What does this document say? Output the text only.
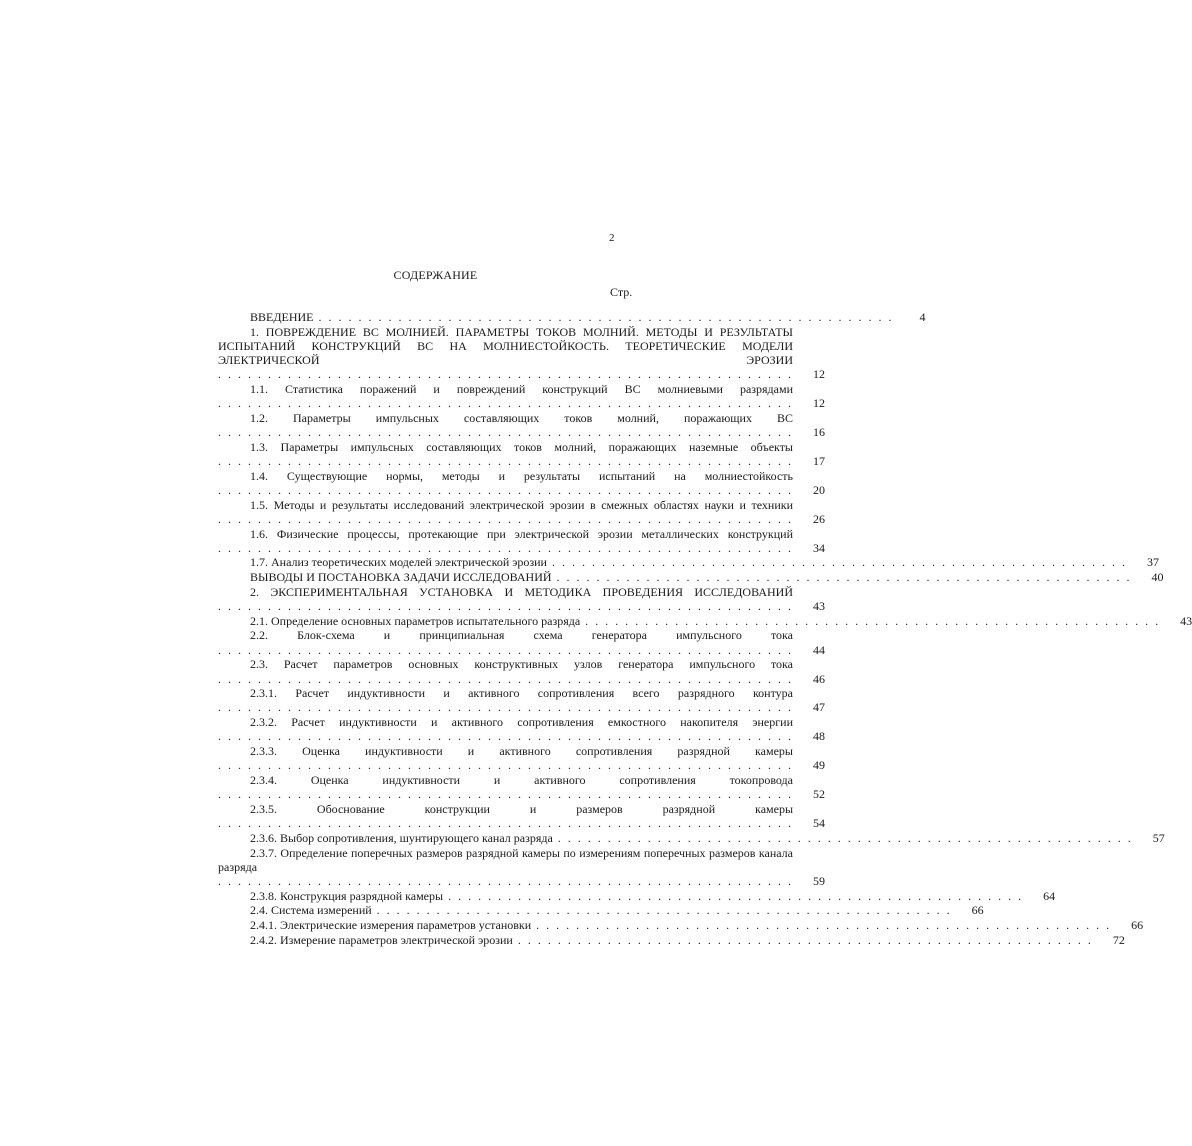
2
СОДЕРЖАНИЕ
Стр.
ВВЕДЕНИЕ . . . . . . . . . . . . . . . . . . . . . . . . . . . . . . . . . . . . . . . . . . . . . . . . . . . . . . . . . .	4
1. ПОВРЕЖДЕНИЕ ВС МОЛНИЕЙ. ПАРАМЕТРЫ ТОКОВ МОЛНИЙ. МЕТОДЫ И РЕЗУЛЬТАТЫ ИСПЫТАНИЙ КОНСТРУКЦИЙ ВС НА МОЛНИЕСТОЙКОСТЬ. ТЕОРЕТИЧЕСКИЕ МОДЕЛИ ЭЛЕКТРИЧЕСКОЙ ЭРОЗИИ . . . . . . . . . . . . . . . . . . . . . . . . . . . . . . . . . . . . . . . . . . . . . . . . . . . . . . . . . .	12
1.1. Статистика поражений и повреждений конструкций ВС молниевыми разрядами . . . . . . . . . . . . . . . . . . . . . . . . . . . . . . . . . . . . . . . . . . . . . . . . . . . . . . . . . .	12
1.2. Параметры импульсных составляющих токов молний, поражающих ВС . . . . . . . . . . . . . . . . . . . . . . . . . . . . . . . . . . . . . . . . . . . . . . . . . . . . . . . . . .	16
1.3. Параметры импульсных составляющих токов молний, поражающих наземные объекты . . . . . . . . . . . . . . . . . . . . . . . . . . . . . . . . . . . . . . . . . . . . . . . . . . . . . . . . . .	17
1.4. Существующие нормы, методы и результаты испытаний на молниестойкость . . . . . . . . . . . . . . . . . . . . . . . . . . . . . . . . . . . . . . . . . . . . . . . . . . . . . . . . . .	20
1.5. Методы и результаты исследований электрической эрозии в смежных областях науки и техники . . . . . . . . . . . . . . . . . . . . . . . . . . . . . . . . . . . . . . . . . . . . . . . . . . . . . . . . . .	26
1.6. Физические процессы, протекающие при электрической эрозии металлических конструкций . . . . . . . . . . . . . . . . . . . . . . . . . . . . . . . . . . . . . . . . . . . . . . . . . . . . . . . . . .	34
1.7. Анализ теоретических моделей электрической эрозии . . . . . . . . . . . . . . . . . . . . . . . . . . . . . . . . . . . . . . . . . . . . . . . . . . . . . . . . . .	37
ВЫВОДЫ И ПОСТАНОВКА ЗАДАЧИ ИССЛЕДОВАНИЙ . . . . . . . . . . . . . . . . . . . . . . . . . . . . . . . . . . . . . . . . . . . . . . . . . . . . . . . . . .	40
2. ЭКСПЕРИМЕНТАЛЬНАЯ УСТАНОВКА И МЕТОДИКА ПРОВЕДЕНИЯ ИССЛЕДОВАНИЙ . . . . . . . . . . . . . . . . . . . . . . . . . . . . . . . . . . . . . . . . . . . . . . . . . . . . . . . . . .	43
2.1. Определение основных параметров испытательного разряда . . . . . . . . . . . . . . . . . . . . . . . . . . . . . . . . . . . . . . . . . . . . . . . . . . . . . . . . . .	43
2.2. Блок-схема и принципиальная схема генератора импульсного тока . . . . . . . . . . . . . . . . . . . . . . . . . . . . . . . . . . . . . . . . . . . . . . . . . . . . . . . . . .	44
2.3. Расчет параметров основных конструктивных узлов генератора импульсного тока . . . . . . . . . . . . . . . . . . . . . . . . . . . . . . . . . . . . . . . . . . . . . . . . . . . . . . . . . .	46
2.3.1. Расчет индуктивности и активного сопротивления всего разрядного контура . . . . . . . . . . . . . . . . . . . . . . . . . . . . . . . . . . . . . . . . . . . . . . . . . . . . . . . . . .	47
2.3.2. Расчет индуктивности и активного сопротивления емкостного накопителя энергии . . . . . . . . . . . . . . . . . . . . . . . . . . . . . . . . . . . . . . . . . . . . . . . . . . . . . . . . . .	48
2.3.3. Оценка индуктивности и активного сопротивления разрядной камеры . . . . . . . . . . . . . . . . . . . . . . . . . . . . . . . . . . . . . . . . . . . . . . . . . . . . . . . . . .	49
2.3.4. Оценка индуктивности и активного сопротивления токопровода . . . . . . . . . . . . . . . . . . . . . . . . . . . . . . . . . . . . . . . . . . . . . . . . . . . . . . . . . .	52
2.3.5. Обоснование конструкции и размеров разрядной камеры . . . . . . . . . . . . . . . . . . . . . . . . . . . . . . . . . . . . . . . . . . . . . . . . . . . . . . . . . .	54
2.3.6. Выбор сопротивления, шунтирующего канал разряда . . . . . . . . . . . . . . . . . . . . . . . . . . . . . . . . . . . . . . . . . . . . . . . . . . . . . . . . . .	57
2.3.7. Определение поперечных размеров разрядной камеры по измерениям поперечных размеров канала разряда . . . . . . . . . . . . . . . . . . . . . . . . . . . . . . . . . . . . . . . . . . . . . . . . . . . . . . . . . .	59
2.3.8. Конструкция разрядной камеры . . . . . . . . . . . . . . . . . . . . . . . . . . . . . . . . . . . . . . . . . . . . . . . . . . . . . . . . . .	64
2.4. Система измерений . . . . . . . . . . . . . . . . . . . . . . . . . . . . . . . . . . . . . . . . . . . . . . . . . . . . . . . . . .	66
2.4.1. Электрические измерения параметров установки . . . . . . . . . . . . . . . . . . . . . . . . . . . . . . . . . . . . . . . . . . . . . . . . . . . . . . . . . .	66
2.4.2. Измерение параметров электрической эрозии . . . . . . . . . . . . . . . . . . . . . . . . . . . . . . . . . . . . . . . . . . . . . . . . . . . . . . . . . .	72
